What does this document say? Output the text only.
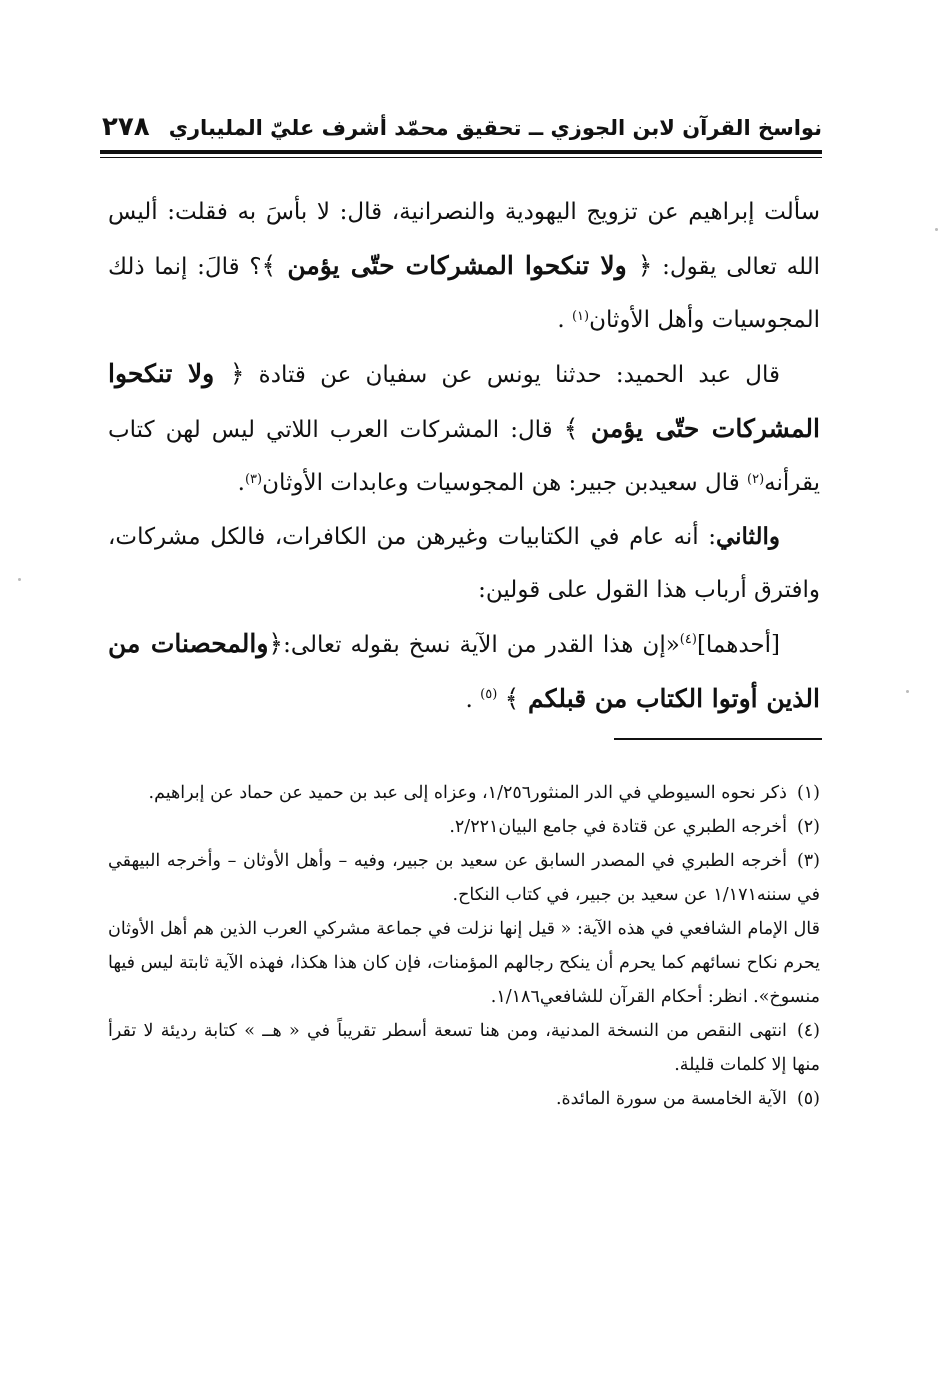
نواسخ القرآن لابن الجوزي ــ تحقيق محمّد أشرف عليّ المليباري
٢٧٨

سألت إبراهيم عن تزويج اليهودية والنصرانية، قال: لا بأسَ به فقلت: أليس الله تعالى يقول: ﴿ ولا تنكحوا المشركات حتّى يؤمن ﴾؟ قالَ: إنما ذلك المجوسيات وأهل الأوثان$^{(١)}$ .

قال عبد الحميد: حدثنا يونس عن سفيان عن قتادة ﴿ ولا تنكحوا المشركات حتّى يؤمن ﴾ قال: المشركات العرب اللاتي ليس لهن كتاب يقرأنه$^{(٢)}$ قال سعيدبن جبير: هن المجوسيات وعابدات الأوثان$^{(٣)}$.

والثاني: أنه عام في الكتابيات وغيرهن من الكافرات، فالكل مشركات، وافترق أرباب هذا القول على قولين:

[أحدهما]$^{(٤)}$«إن هذا القدر من الآية نسخ بقوله تعالى:﴿والمحصنات من الذين أوتوا الكتاب من قبلكم ﴾ $^{(٥)}$ .

(١)ذكر نحوه السيوطي في الدر المنثور١/٢٥٦، وعزاه إلى عبد بن حميد عن حماد عن إبراهيم.

(٢)أخرجه الطبري عن قتادة في جامع البيان٢/٢٢١.

(٣)أخرجه الطبري في المصدر السابق عن سعيد بن جبير، وفيه – وأهل الأوثان – وأخرجه البيهقي في سننه١/١٧١ عن سعيد بن جبير، في كتاب النكاح.

قال الإمام الشافعي في هذه الآية: « قيل إنها نزلت في جماعة مشركي العرب الذين هم أهل الأوثان يحرم نكاح نسائهم كما يحرم أن ينكح رجالهم المؤمنات، فإن كان هذا هكذا، فهذه الآية ثابتة ليس فيها منسوخ». انظر: أحكام القرآن للشافعي١/١٨٦.

(٤)انتهى النقص من النسخة المدنية، ومن هنا تسعة أسطر تقريباً في « هــ » كتابة رديئة لا تقرأ منها إلا كلمات قليلة.

(٥)الآية الخامسة من سورة المائدة.
